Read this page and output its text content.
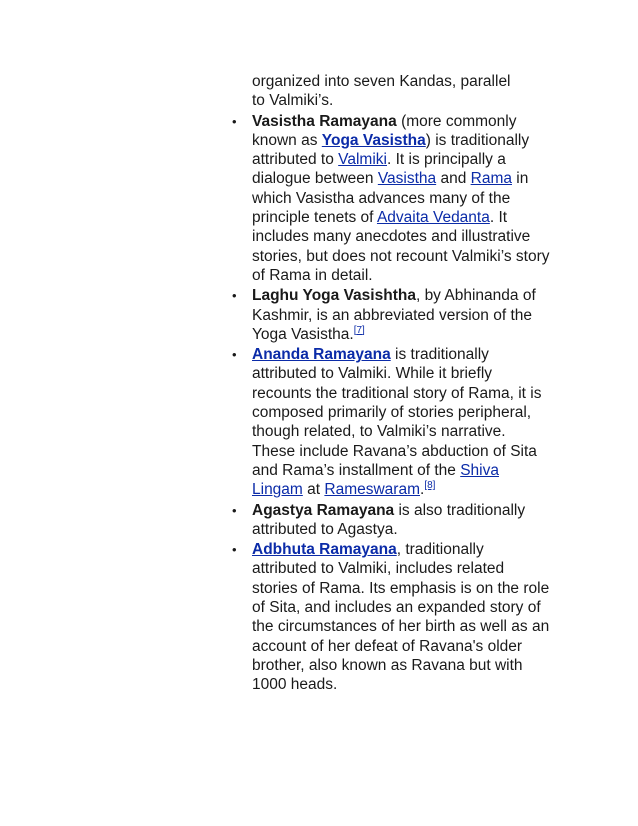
organized into seven Kandas, parallel
to Valmiki’s.

• Vasistha Ramayana (more commonly known as Yoga Vasistha) is traditionally attributed to Valmiki. It is principally a dialogue between Vasistha and Rama in which Vasistha advances many of the principle tenets of Advaita Vedanta. It includes many anecdotes and illustrative stories, but does not recount Valmiki’s story of Rama in detail.
• Laghu Yoga Vasishtha, by Abhinanda of Kashmir, is an abbreviated version of the Yoga Vasistha.[7]
• Ananda Ramayana is traditionally attributed to Valmiki. While it briefly recounts the traditional story of Rama, it is composed primarily of stories peripheral, though related, to Valmiki’s narrative. These include Ravana’s abduction of Sita and Rama’s installment of the Shiva Lingam at Rameswaram.[8]
• Agastya Ramayana is also traditionally attributed to Agastya.
• Adbhuta Ramayana, traditionally attributed to Valmiki, includes related stories of Rama. Its emphasis is on the role of Sita, and includes an expanded story of the circumstances of her birth as well as an account of her defeat of Ravana's older brother, also known as Ravana but with 1000 heads.
